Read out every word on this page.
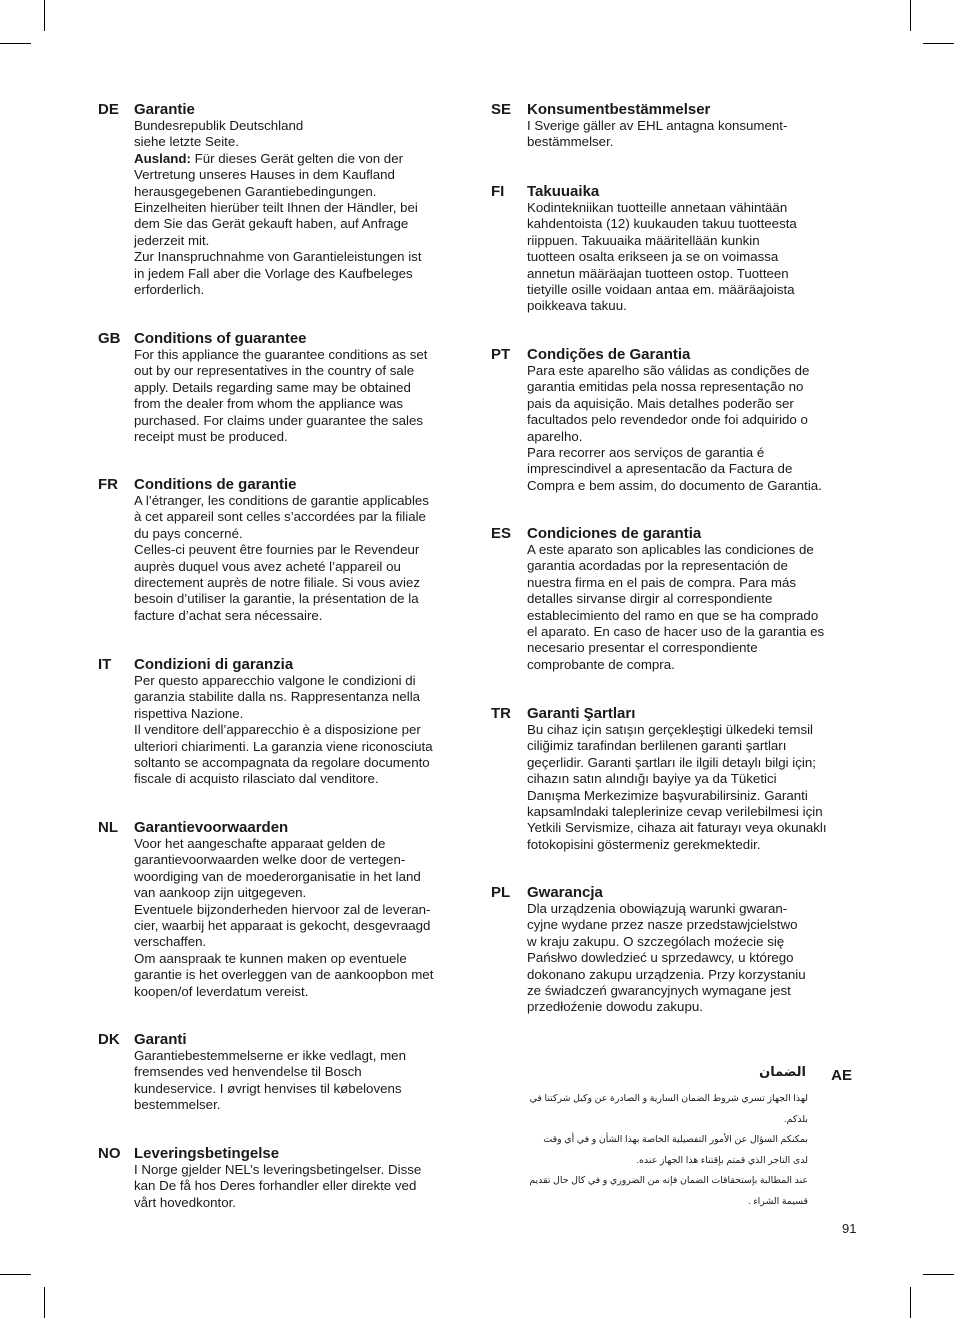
DE Garantie
Bundesrepublik Deutschland
siehe letzte Seite.
Ausland: Für dieses Gerät gelten die von der
Vertretung unseres Hauses in dem Kaufland
herausgegebenen Garantiebedingungen.
Einzelheiten hierüber teilt Ihnen der Händler, bei
dem Sie das Gerät gekauft haben, auf Anfrage
jederzeit mit.
Zur Inanspruchnahme von Garantieleistungen ist
in jedem Fall aber die Vorlage des Kaufbeleges
erforderlich.
GB Conditions of guarantee
For this appliance the guarantee conditions as set
out by our representatives in the country of sale
apply. Details regarding same may be obtained
from the dealer from whom the appliance was
purchased. For claims under guarantee the sales
receipt must be produced.
FR Conditions de garantie
A l’étranger, les conditions de garantie applicables
à cet appareil sont celles s’accordées par la filiale
du pays concerné.
Celles-ci peuvent être fournies par le Revendeur
auprès duquel vous avez acheté l’appareil ou
directement auprès de notre filiale. Si vous aviez
besoin d’utiliser la garantie, la présentation de la
facture d’achat sera nécessaire.
IT Condizioni di garanzia
Per questo apparecchio valgone le condizioni di
garanzia stabilite dalla ns. Rappresentanza nella
rispettiva Nazione.
Il venditore dell’apparecchio è a disposizione per
ulteriori chiarimenti. La garanzia viene riconosciuta
soltanto se accompagnata da regolare documento
fiscale di acquisto rilasciato dal venditore.
NL Garantievoorwaarden
Voor het aangeschafte apparaat gelden de
garantievoorwaarden welke door de vertegen-
woordiging van de moederorganisatie in het land
van aankoop zijn uitgegeven.
Eventuele bijzonderheden hiervoor zal de leveran-
cier, waarbij het apparaat is gekocht, desgevraagd
verschaffen.
Om aanspraak te kunnen maken op eventuele
garantie is het overleggen van de aankoopbon met
koopen/of leverdatum vereist.
DK Garanti
Garantiebestemmelserne er ikke vedlagt, men
fremsendes ved henvendelse til Bosch
kundeservice. I øvrigt henvises til købelovens
bestemmelser.
NO Leveringsbetingelse
I Norge gjelder NEL’s leveringsbetingelser. Disse
kan De få hos Deres forhandler eller direkte ved
vårt hovedkontor.
SE Konsumentbestämmelser
I Sverige gäller av EHL antagna konsument-
bestämmelser.
FI Takuuaika
Kodintekniikan tuotteille annetaan vähintään
kahdentoista (12) kuukauden takuu tuotteesta
riippuen. Takuuaika määritellään kunkin
tuotteen osalta erikseen ja se on voimassa
annetun määräajan tuotteen ostop. Tuotteen
tietyille osille voidaan antaa em. määräajoista
poikkeava takuu.
PT Condições de Garantia
Para este aparelho são válidas as condições de
garantia emitidas pela nossa representação no
pais da aquisição. Mais detalhes poderão ser
facultados pelo revendedor onde foi adquirido o
aparelho.
Para recorrer aos serviços de garantia é
imprescindivel a apresentacão da Factura de
Compra e bem assim, do documento de Garantia.
ES Condiciones de garantia
A este aparato son aplicables las condiciones de
garantia acordadas por la representación de
nuestra firma en el pais de compra. Para más
detalles sirvanse dirgir al correspondiente
establecimiento del ramo en que se ha comprado
el aparato. En caso de hacer uso de la garantia es
necesario presentar el correspondiente
comprobante de compra.
TR Garanti Şartları
Bu cihaz için satışın gerçekleştigi ülkedeki temsil
ciliğimiz tarafindan berlilenen garanti şartları
geçerlidir. Garanti şartları ile ilgili detaylı bilgi için;
cihazın satın alındığı bayiye ya da Tüketici
Danışma Merkezimize başvurabilirsiniz. Garanti
kapsamlndaki taleplerinize cevap verilebilmesi için
Yetkili Servismize, cihaza ait faturayı veya okunaklı
fotokopisini göstermeniz gerekmektedir.
PL Gwarancja
Dla urządzenia obowiązują warunki gwaran-
cyjne wydane przez nasze przedstawjcielstwo
w kraju zakupu. O szczególach moźecie się
Pańsłwo dowledzieć u sprzedawcy, u którego
dokonano zakupu urządzenia. Przy korzystaniu
ze świadczeń gwarancyjnych wymagane jest
przedłoźenie dowodu zakupu.
AE
الضمان
لهذا الجهاز تسري شروط الضمان السارية و الصادرة عن وكيل شركتنا في
بلدكم.
بمكنكم السؤال عن الأمور التفصيلية الخاصة بهذا الشأن و في أي وقت
لدى التاجر الذي قمتم بإقتناء هذا الجهاز عنده.
عند المطالبة بإستحقاقات الضمان فإنه من الضروري و في كال حال تقديم
قسيمة الشراء .
91
